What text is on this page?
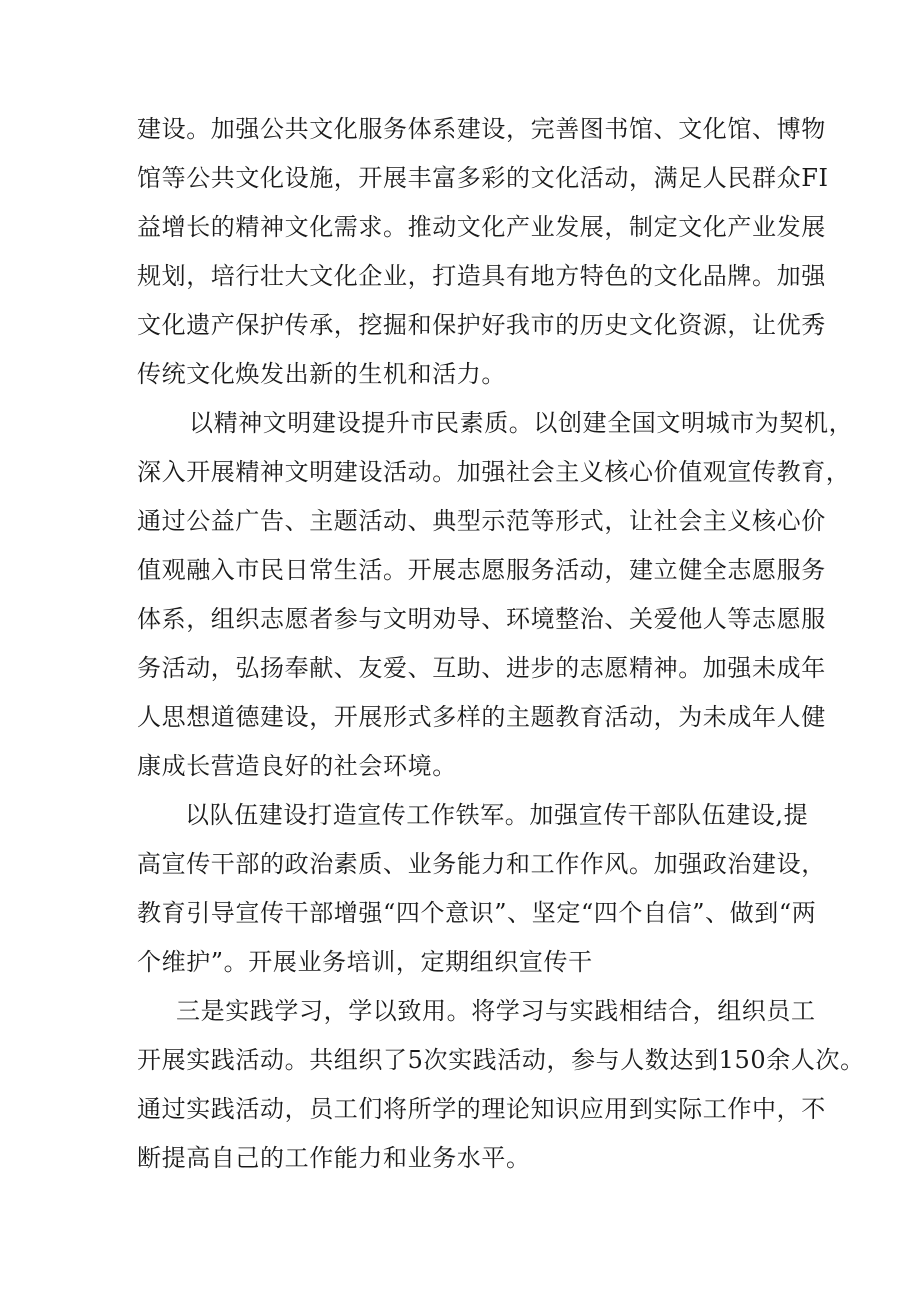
建设。加强公共文化服务体系建设，完善图书馆、文化馆、博物
馆等公共文化设施，开展丰富多彩的文化活动，满足人民群众FI
益增长的精神文化需求。推动文化产业发展，制定文化产业发展
规划，培行壮大文化企业，打造具有地方特色的文化品牌。加强
文化遗产保护传承，挖掘和保护好我市的历史文化资源，让优秀
传统文化焕发出新的生机和活力。
以精神文明建设提升市民素质。以创建全国文明城市为契机，
深入开展精神文明建设活动。加强社会主义核心价值观宣传教育，
通过公益广告、主题活动、典型示范等形式，让社会主义核心价
值观融入市民日常生活。开展志愿服务活动，建立健全志愿服务
体系，组织志愿者参与文明劝导、环境整治、关爱他人等志愿服
务活动，弘扬奉献、友爱、互助、进步的志愿精神。加强未成年
人思想道德建设，开展形式多样的主题教育活动，为未成年人健
康成长营造良好的社会环境。
以队伍建设打造宣传工作铁军。加强宣传干部队伍建设,提
高宣传干部的政治素质、业务能力和工作作风。加强政治建设，
教育引导宣传干部增强“四个意识”、坚定“四个自信”、做到“两
个维护”。开展业务培训，定期组织宣传干
三是实践学习，学以致用。将学习与实践相结合，组织员工
开展实践活动。共组织了5次实践活动，参与人数达到150余人次。
通过实践活动，员工们将所学的理论知识应用到实际工作中，不
断提高自己的工作能力和业务水平。
